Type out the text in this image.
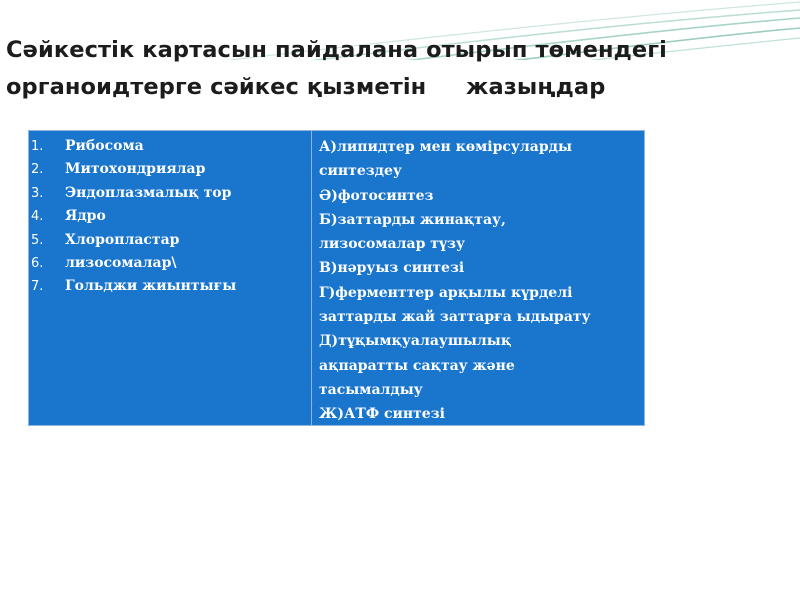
Сәйкестік картасын пайдалана отырып төмендегі
органоидтерге сәйкес қызметін     жазыңдар
1.	Рибосома
2.	Митохондриялар
3.	Эндоплазмалық тор
4.	Ядро
5.	Хлоропластар
6.	лизосомалар\
7.	Гольджи жиынтығы
А)липидтер мен көмірсуларды
синтездеу
Ә)фотосинтез
Б)заттарды жинақтау,
лизосомалар түзу
В)нәруыз синтезі
Г)ферменттер арқылы күрделі
заттарды жай заттарға ыдырату
Д)тұқымқуалаушылық
ақпаратты сақтау және
тасымалдыу
Ж)АТФ синтезі
